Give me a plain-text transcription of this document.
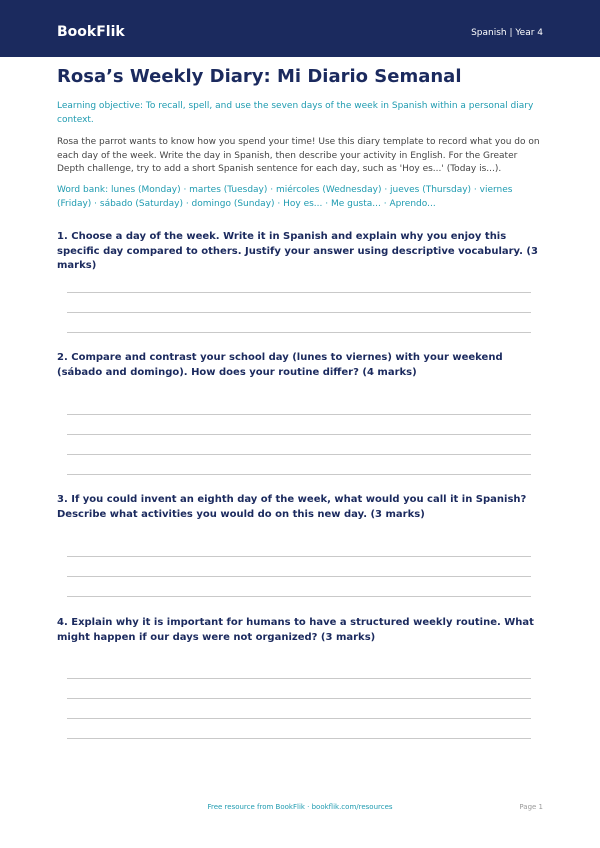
BookFlik	Spanish | Year 4
Rosa’s Weekly Diary: Mi Diario Semanal

Learning objective: To recall, spell, and use the seven days of the week in Spanish within a personal diary context.

Rosa the parrot wants to know how you spend your time! Use this diary template to record what you do on each day of the week. Write the day in Spanish, then describe your activity in English. For the Greater Depth challenge, try to add a short Spanish sentence for each day, such as 'Hoy es...' (Today is...).

Word bank: lunes (Monday) · martes (Tuesday) · miércoles (Wednesday) · jueves (Thursday) · viernes (Friday) · sábado (Saturday) · domingo (Sunday) · Hoy es... · Me gusta... · Aprendo...

1. Choose a day of the week. Write it in Spanish and explain why you enjoy this specific day compared to others. Justify your answer using descriptive vocabulary. (3 marks)

2. Compare and contrast your school day (lunes to viernes) with your weekend (sábado and domingo). How does your routine differ? (4 marks)

3. If you could invent an eighth day of the week, what would you call it in Spanish? Describe what activities you would do on this new day. (3 marks)

4. Explain why it is important for humans to have a structured weekly routine. What might happen if our days were not organized? (3 marks)

Free resource from BookFlik · bookflik.com/resources	Page 1
